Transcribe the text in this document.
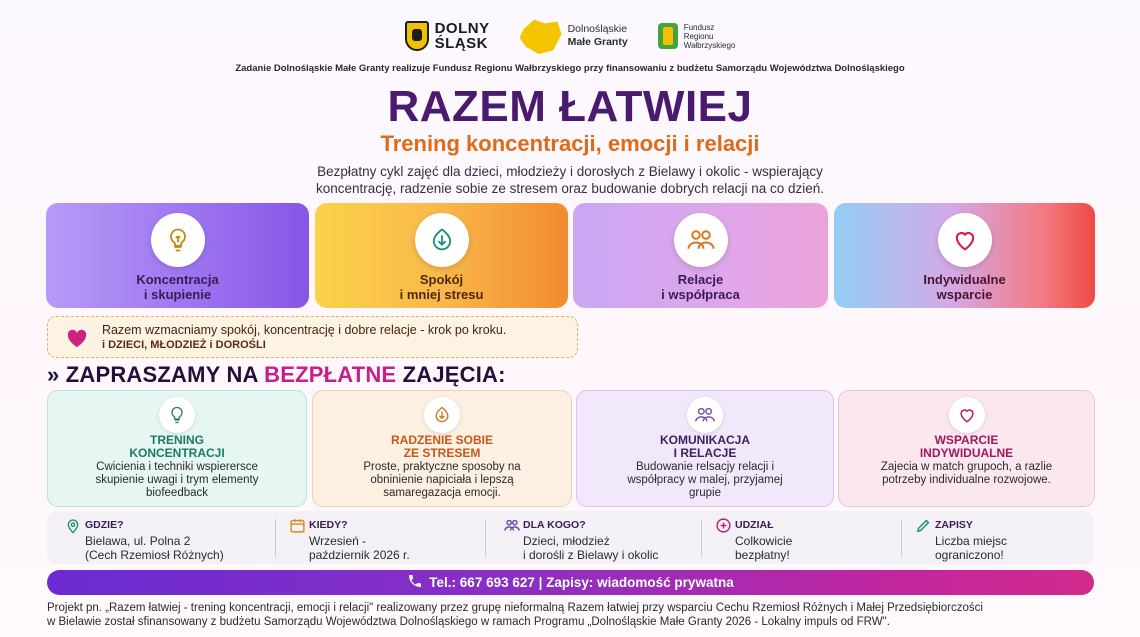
DOLNY
ŚLĄSK
Dolnośląskie
Małe Granty
Fundusz
Regionu
Wałbrzyskiego
Zadanie Dolnośląskie Małe Granty realizuje Fundusz Regionu Wałbrzyskiego przy finansowaniu z budżetu Samorządu Województwa Dolnośląskiego
RAZEM ŁATWIEJ
Trening koncentracji, emocji i relacji
Bezpłatny cykl zajęć dla dzieci, młodzieży i dorosłych z Bielawy i okolic - wspierający
koncentrację, radzenie sobie ze stresem oraz budowanie dobrych relacji na co dzień.
Koncentracja
i skupienie
Spokój
i mniej stresu
Relacje
i współpraca
Indywidualne
wsparcie
Razem wzmacniamy spokój, koncentrację i dobre relacje - krok po kroku.
i DZIECI, MŁODZIEŻ i DOROŚLI
» ZAPRASZAMY NA BEZPŁATNE ZAJĘCIA:
TRENING
KONCENTRACJI
Cwicienia i techniki wspierersce
skupienie uwagi i trym elementy
biofeedback
RADZENIE SOBIE
ZE STRESEM
Proste, praktyczne sposoby na
obninienie napiciała i lepszą
samaregazacja emocji.
KOMUNIKACJA
I RELACJE
Budowanie relsacjy relacji i
współpracy w malej, przyjamej
grupie
WSPARCIE
INDYWIDUALNE
Zajecia w match grupoch, a razlie
potrzeby individualne rozwojowe.
GDZIE?
Bielawa, ul. Polna 2
(Cech Rzemiosł Różnych)
KIEDY?
Wrzesień -
październik 2026 r.
DLA KOGO?
Dzieci, młodzież
i dorośli z Bielawy i okolic
UDZIAŁ
Colkowicie
bezpłatny!
ZAPISY
Liczba miejsc
ograniczono!
Tel.: 667 693 627 | Zapisy: wiadomość prywatna
Projekt pn. „Razem łatwiej - trening koncentracji, emocji i relacji" realizowany przez grupę nieformalną Razem łatwiej przy wsparciu Cechu Rzemiosł Różnych i Małej Przedsiębiorczości
w Bielawie został sfinansowany z budżetu Samorządu Województwa Dolnośląskiego w ramach Programu „Dolnośląskie Małe Granty 2026 - Lokalny impuls od FRW".
